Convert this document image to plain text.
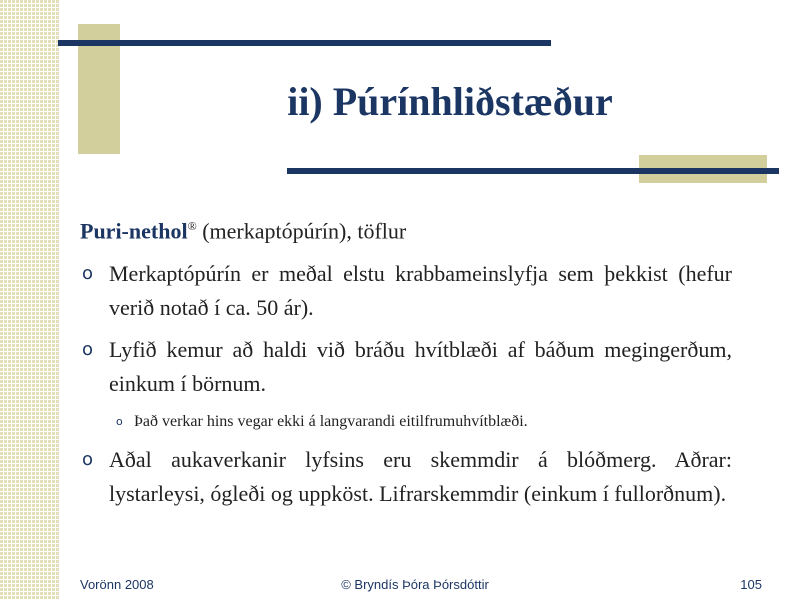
ii) Púrínhliðstæður

Puri-nethol® (merkaptópúrín), töflur

o Merkaptópúrín er meðal elstu krabbameinslyfja sem þekkist (hefur verið notað í ca. 50 ár).
o Lyfið kemur að haldi við bráðu hvítblæði af báðum megingerðum, einkum í börnum.
o Það verkar hins vegar ekki á langvarandi eitilfrumuhvítblæði.
o Aðal aukaverkanir lyfsins eru skemmdir á blóðmerg. Aðrar: lystarleysi, ógleði og uppköst. Lifrarskemmdir (einkum í fullorðnum).
Vorönn 2008	© Bryndís Þóra Þórsdóttir	105
